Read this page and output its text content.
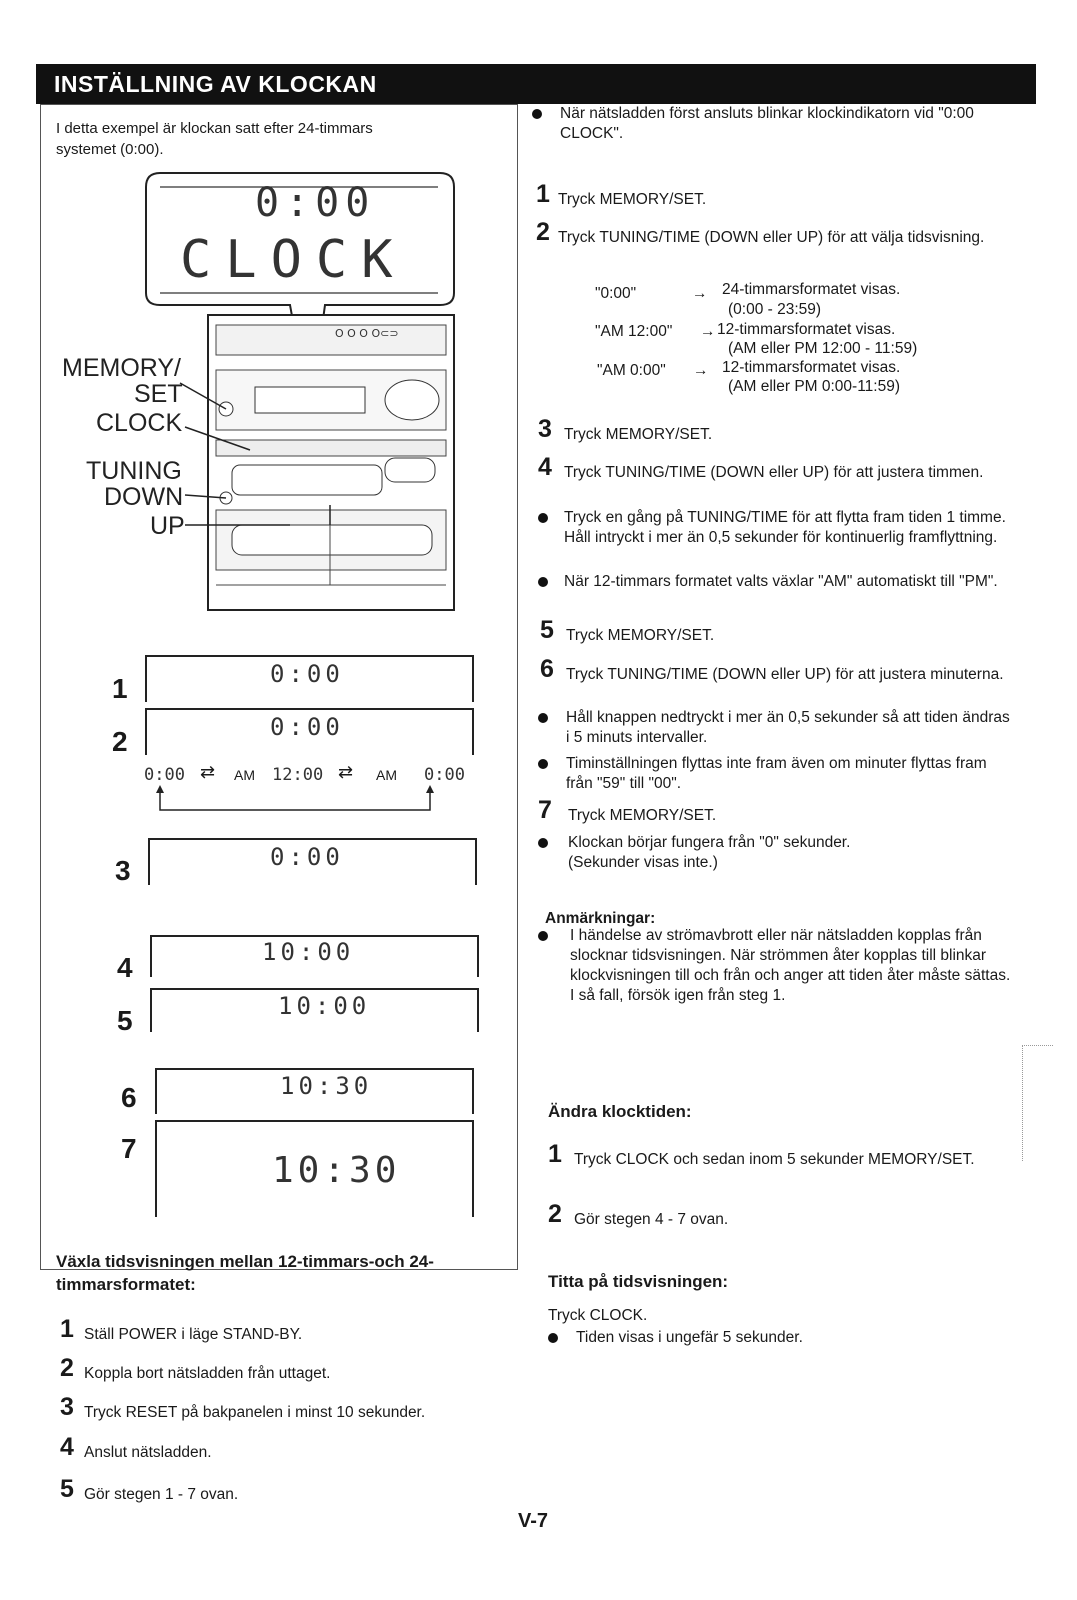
INSTÄLLNING AV KLOCKAN
I detta exempel är klockan satt efter 24-timmars systemet (0:00).
O O O O⊂⊃
0:00
CLOCK
MEMORY/
SET
CLOCK
TUNING
DOWN
UP
1	0:00
2	0:00
0:00 ⇄ AM 12:00 ⇄ AM 0:00
3	0:00
4	10:00
5	10:00
6	10:30
7
10:30
Växla tidsvisningen mellan 12-timmars-och 24-timmarsformatet:
1 Ställ POWER i läge STAND-BY.
2 Koppla bort nätsladden från uttaget.
3 Tryck RESET på bakpanelen i minst 10 sekunder.
4 Anslut nätsladden.
5 Gör stegen 1 - 7 ovan.
När nätsladden först ansluts blinkar klockindikatorn vid "0:00 CLOCK".
1 Tryck MEMORY/SET.
2 Tryck TUNING/TIME (DOWN eller UP) för att välja tidsvisning.
"0:00"	→ 24-timmarsformatet visas.
(0:00 - 23:59)
"AM 12:00" → 12-timmarsformatet visas.
(AM eller PM 12:00 - 11:59)
"AM 0:00" → 12-timmarsformatet visas.
(AM eller PM 0:00-11:59)
3 Tryck MEMORY/SET.
4 Tryck TUNING/TIME (DOWN eller UP) för att justera timmen.
Tryck en gång på TUNING/TIME för att flytta fram tiden 1 timme. Håll intryckt i mer än 0,5 sekunder för kontinuerlig framflyttning.
När 12-timmars formatet valts växlar "AM" automatiskt till "PM".
5 Tryck MEMORY/SET.
6 Tryck TUNING/TIME (DOWN eller UP) för att justera minuterna.
Håll knappen nedtryckt i mer än 0,5 sekunder så att tiden ändras i 5 minuts intervaller.
Timinställningen flyttas inte fram även om minuter flyttas fram från "59" till "00".
7 Tryck MEMORY/SET.
Klockan börjar fungera från "0" sekunder. (Sekunder visas inte.)
Anmärkningar:
I händelse av strömavbrott eller när nätsladden kopplas från slocknar tidsvisningen. När strömmen åter kopplas till blinkar klockvisningen till och från och anger att tiden åter måste sättas. I så fall, försök igen från steg 1.
Ändra klocktiden:
1 Tryck CLOCK och sedan inom 5 sekunder MEMORY/SET.
2 Gör stegen 4 - 7 ovan.
Titta på tidsvisningen:
Tryck CLOCK.
Tiden visas i ungefär 5 sekunder.
V-7
